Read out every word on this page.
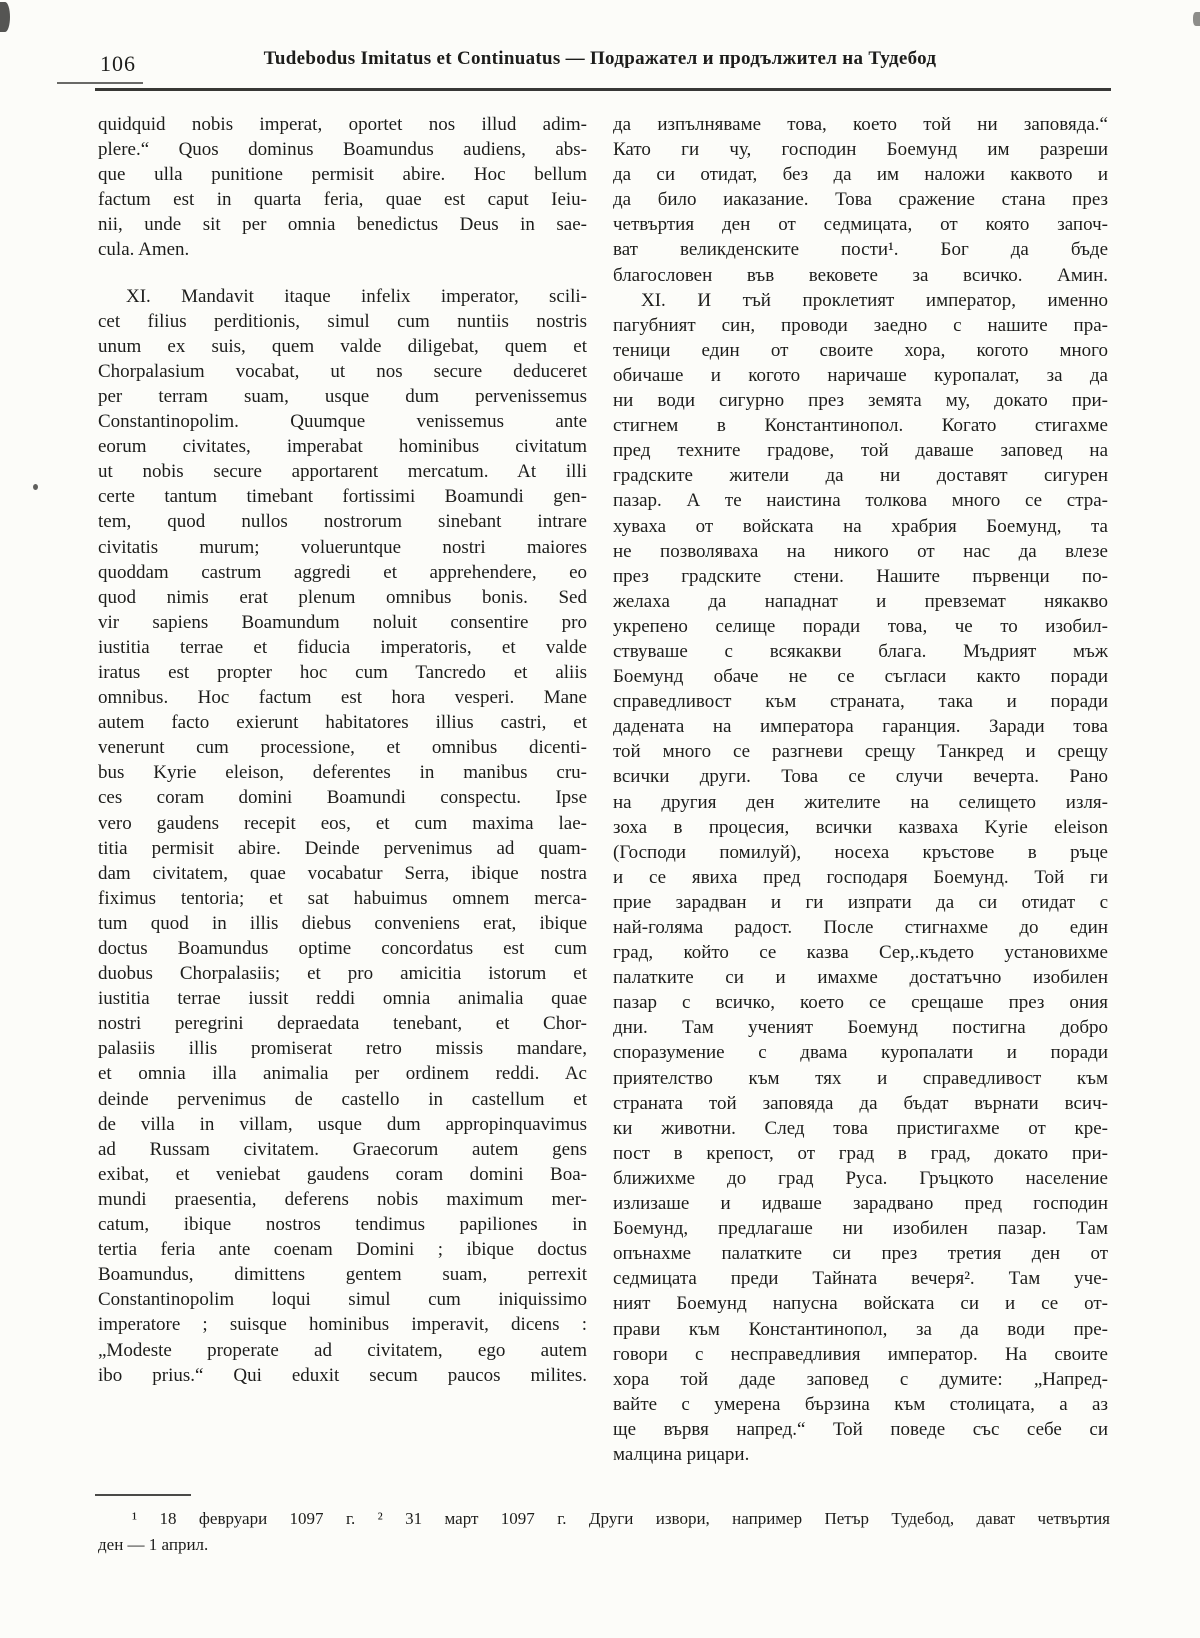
106	Tudebodus Imitatus et Continuatus — Подражател и продължител на Тудебод
quidquid nobis imperat, oportet nos illud adim-
plere.“ Quos dominus Boamundus audiens, abs-
que ulla punitione permisit abire. Hoc bellum
factum est in quarta feria, quae est caput Ieiu-
nii, unde sit per omnia benedictus Deus in sae-
cula. Amen.
XI. Mandavit itaque infelix imperator, scili-
cet filius perditionis, simul cum nuntiis nostris
unum ex suis, quem valde diligebat, quem et
Chorpalasium vocabat, ut nos secure deduceret
per terram suam, usque dum pervenissemus
Constantinopolim. Quumque venissemus ante
eorum civitates, imperabat hominibus civitatum
ut nobis secure apportarent mercatum. At illi
certe tantum timebant fortissimi Boamundi gen-
tem, quod nullos nostrorum sinebant intrare
civitatis murum; volueruntque nostri maiores
quoddam castrum aggredi et apprehendere, eo
quod nimis erat plenum omnibus bonis. Sed
vir sapiens Boamundum noluit consentire pro
iustitia terrae et fiducia imperatoris, et valde
iratus est propter hoc cum Tancredo et aliis
omnibus. Hoc factum est hora vesperi. Mane
autem facto exierunt habitatores illius castri, et
venerunt cum processione, et omnibus dicenti-
bus Kyrie eleison, deferentes in manibus cru-
ces coram domini Boamundi conspectu. Ipse
vero gaudens recepit eos, et cum maxima lae-
titia permisit abire. Deinde pervenimus ad quam-
dam civitatem, quae vocabatur Serra, ibique nostra
fiximus tentoria; et sat habuimus omnem merca-
tum quod in illis diebus conveniens erat, ibique
doctus Boamundus optime concordatus est cum
duobus Chorpalasiis; et pro amicitia istorum et
iustitia terrae iussit reddi omnia animalia quae
nostri peregrini depraedata tenebant, et Chor-
palasiis illis promiserat retro missis mandare,
et omnia illa animalia per ordinem reddi. Ac
deinde pervenimus de castello in castellum et
de villa in villam, usque dum appropinquavimus
ad Russam civitatem. Graecorum autem gens
exibat, et veniebat gaudens coram domini Boa-
mundi praesentia, deferens nobis maximum mer-
catum, ibique nostros tendimus papiliones in
tertia feria ante coenam Domini ; ibique doctus
Boamundus, dimittens gentem suam, perrexit
Constantinopolim loqui simul cum iniquissimo
imperatore ; suisque hominibus imperavit, dicens :
„Modeste properate ad civitatem, ego autem
ibo prius.“ Qui eduxit secum paucos milites.
да изпълняваме това, което той ни заповяда.“
Като ги чу, господин Боемунд им разреши
да си отидат, без да им наложи каквото и
да било иаказание. Това сражение стана през
четвъртия ден от седмицата, от която започ-
ват великденските пости¹. Бог да бъде
благословен във вековете за всичко. Амин.
XI. И тъй проклетият император, именно
пагубният син, проводи заедно с нашите пра-
теници един от своите хора, когото много
обичаше и когото наричаше куропалат, за да
ни води сигурно през земята му, докато при-
стигнем в Константинопол. Когато стигахме
пред техните градове, той даваше заповед на
градските жители да ни доставят сигурен
пазар. А те наистина толкова много се стра-
хуваха от войската на храбрия Боемунд, та
не позволяваха на никого от нас да влезе
през градските стени. Нашите първенци по-
желаха да нападнат и превземат някакво
укрепено селище поради това, че то изобил-
ствуваше с всякакви блага. Мъдрият мъж
Боемунд обаче не се съгласи както поради
справедливост към страната, така и поради
дадената на императора гаранция. Заради това
той много се разгневи срещу Танкред и срещу
всички други. Това се случи вечерта. Рано
на другия ден жителите на селището изля-
зоха в процесия, всички казваха Kyrie eleison
(Господи помилуй), носеха кръстове в ръце
и се явиха пред господаря Боемунд. Той ги
прие зарадван и ги изпрати да си отидат с
най-голяма радост. После стигнахме до един
град, който се казва Сер,.където установихме
палатките си и имахме достатъчно изобилен
пазар с всичко, което се срещаше през ония
дни. Там ученият Боемунд постигна добро
споразумение с двама куропалати и поради
приятелство към тях и справедливост към
страната той заповяда да бъдат върнати всич-
ки животни. След това пристигахме от кре-
пост в крепост, от град в град, докато при-
ближихме до град Руса. Гръцкото население
излизаше и идваше зарадвано пред господин
Боемунд, предлагаше ни изобилен пазар. Там
опънахме палатките си през третия ден от
седмицата преди Тайната вечеря². Там уче-
ният Боемунд напусна войската си и се от-
прави към Константинопол, за да води пре-
говори с несправедливия император. На своите
хора той даде заповед с думите: „Напред-
вайте с умерена бързина към столицата, а аз
ще вървя напред.“ Той поведе със себе си
малцина рицари.
¹ 18 февруари 1097 г. ² 31 март 1097 г. Други извори, например Петър Тудебод, дават четвъртия
ден — 1 април.
